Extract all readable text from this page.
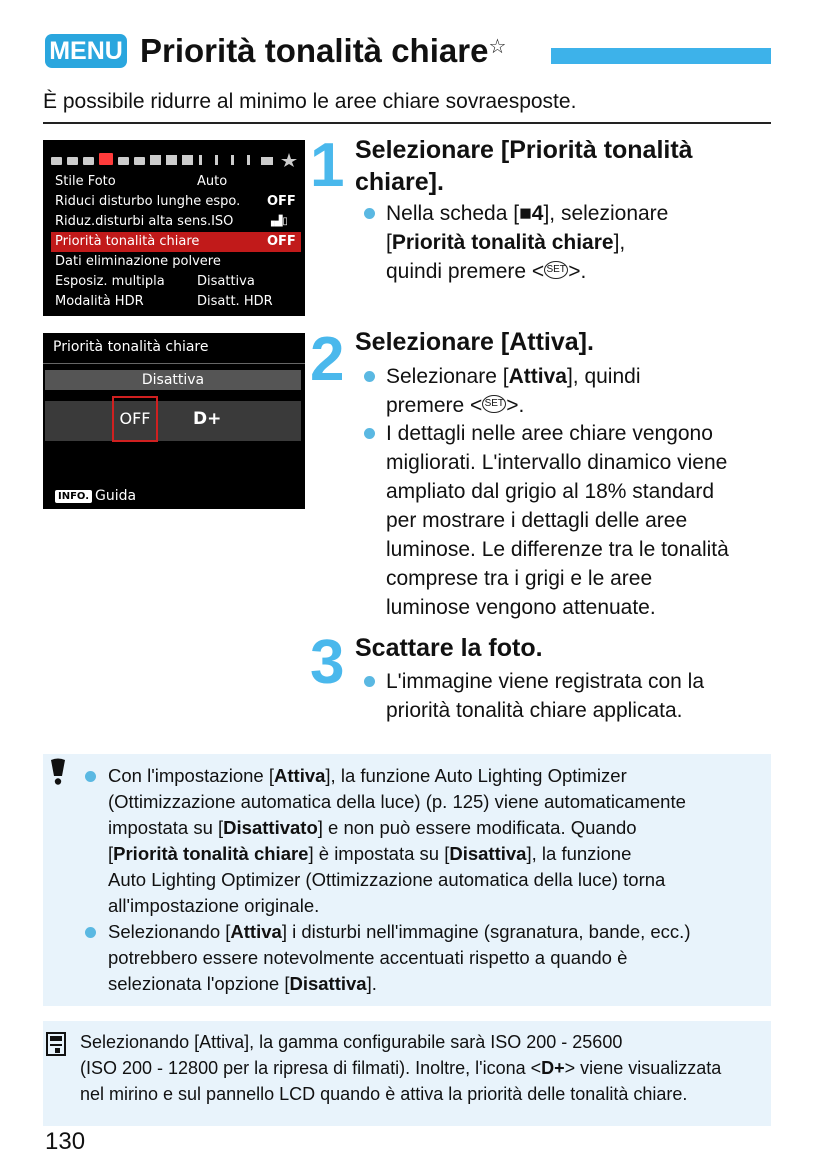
MENU Priorità tonalità chiare☆
È possibile ridurre al minimo le aree chiare sovraesposte.
Stile Foto	Auto
Riduci disturbo lunghe espo. OFF
Riduz.disturbi alta sens.ISO	▗▟▯
Priorità tonalità chiare	OFF
Dati eliminazione polvere
Esposiz. multipla Disattiva
Modalità HDR	Disatt. HDR
Priorità tonalità chiare
Disattiva
OFF	D+
INFO. Guida
1 Selezionare [Priorità tonalità
chiare].
Nella scheda [■4], selezionare
[Priorità tonalità chiare],
quindi premere < SET >.
2 Selezionare [Attiva].
Selezionare [Attiva], quindi
premere < SET >.
I dettagli nelle aree chiare vengono
migliorati. L'intervallo dinamico viene
ampliato dal grigio al 18% standard
per mostrare i dettagli delle aree
luminose. Le differenze tra le tonalità
comprese tra i grigi e le aree
luminose vengono attenuate.
3 Scattare la foto.
L'immagine viene registrata con la
priorità tonalità chiare applicata.
Con l'impostazione [Attiva], la funzione Auto Lighting Optimizer
(Ottimizzazione automatica della luce) (p. 125) viene automaticamente
impostata su [Disattivato] e non può essere modificata. Quando
[Priorità tonalità chiare] è impostata su [Disattiva], la funzione
Auto Lighting Optimizer (Ottimizzazione automatica della luce) torna
all'impostazione originale.
Selezionando [Attiva] i disturbi nell'immagine (sgranatura, bande, ecc.)
potrebbero essere notevolmente accentuati rispetto a quando è
selezionata l'opzione [Disattiva].
Selezionando [Attiva], la gamma configurabile sarà ISO 200 - 25600
(ISO 200 - 12800 per la ripresa di filmati). Inoltre, l'icona <D+> viene visualizzata
nel mirino e sul pannello LCD quando è attiva la priorità delle tonalità chiare.
130
